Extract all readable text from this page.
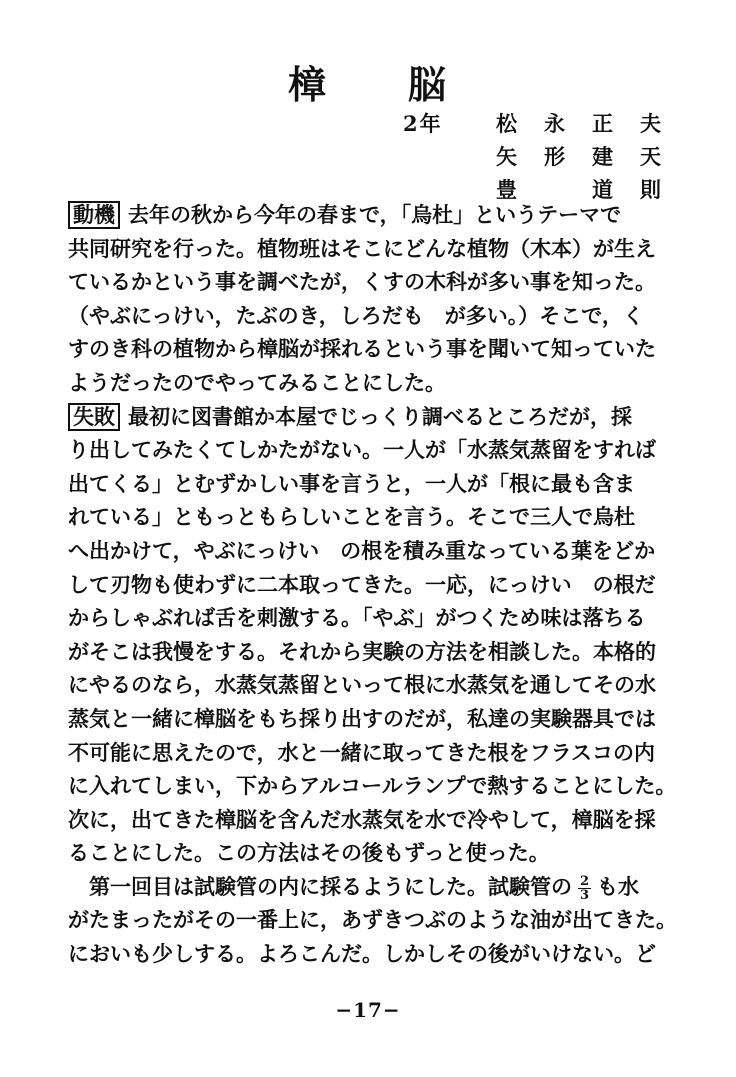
樟 脳
2年	松 永 正 夫
矢 形 建 天
豊	道 則
動機 去年の秋から今年の春まで，「烏杜」というテーマで
共同研究を行った。植物班はそこにどんな植物（木本）が生え
ているかという事を調べたが，くすの木科が多い事を知った。
（やぶにっけい，たぶのき，しろだも　が多い。）そこで，く
すのき科の植物から樟脳が採れるという事を聞いて知っていた
ようだったのでやってみることにした。
失敗 最初に図書館か本屋でじっくり調べるところだが，採
り出してみたくてしかたがない。一人が「水蒸気蒸留をすれば
出てくる」とむずかしい事を言うと，一人が「根に最も含ま
れている」ともっともらしいことを言う。そこで三人で烏杜
へ出かけて，やぶにっけい　の根を積み重なっている葉をどか
して刃物も使わずに二本取ってきた。一応，にっけい　の根だ
からしゃぶれば舌を刺激する。「やぶ」がつくため味は落ちる
がそこは我慢をする。それから実験の方法を相談した。本格的
にやるのなら，水蒸気蒸留といって根に水蒸気を通してその水
蒸気と一緒に樟脳をもち採り出すのだが，私達の実験器具では
不可能に思えたので，水と一緒に取ってきた根をフラスコの内
に入れてしまい，下からアルコールランプで熱することにした。
次に，出てきた樟脳を含んだ水蒸気を水で冷やして，樟脳を採
ることにした。この方法はその後もずっと使った。
　第一回目は試験管の内に採るようにした。試験管の $\frac{2}{3}$ も水
がたまったがその一番上に，あずきつぶのような油が出てきた。
においも少しする。よろこんだ。しかしその後がいけない。ど
−17−
